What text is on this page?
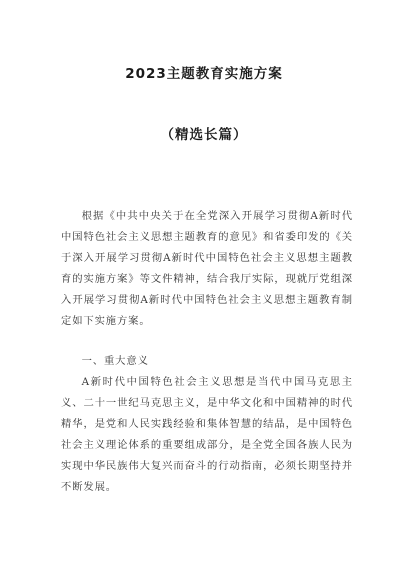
2023主题教育实施方案
（精选长篇）

根据《中共中央关于在全党深入开展学习贯彻A新时代中国特色社会主义思想主题教育的意见》和省委印发的《关于深入开展学习贯彻A新时代中国特色社会主义思想主题教育的实施方案》等文件精神，结合我厅实际，现就厅党组深入开展学习贯彻A新时代中国特色社会主义思想主题教育制定如下实施方案。

一、重大意义

A新时代中国特色社会主义思想是当代中国马克思主义、二十一世纪马克思主义，是中华文化和中国精神的时代精华，是党和人民实践经验和集体智慧的结晶，是中国特色社会主义理论体系的重要组成部分，是全党全国各族人民为实现中华民族伟大复兴而奋斗的行动指南，必须长期坚持并不断发展。
